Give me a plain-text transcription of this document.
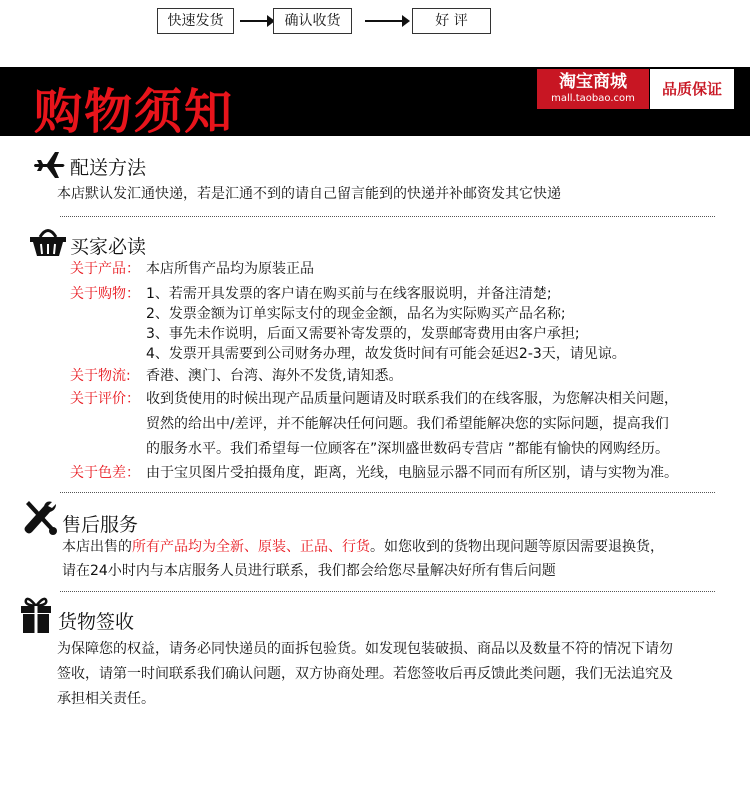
快速发货	确认收货	好 评
购物须知
淘宝商城
mall.taobao.com
品质保证
配送方法
本店默认发汇通快递，若是汇通不到的请自己留言能到的快递并补邮资发其它快递
买家必读
关于产品： 本店所售产品均为原装正品
关于购物： 1、若需开具发票的客户请在购买前与在线客服说明，并备注清楚;
2、发票金额为订单实际支付的现金金额，品名为实际购买产品名称;
3、事先未作说明，后面又需要补寄发票的，发票邮寄费用由客户承担;
4、发票开具需要到公司财务办理，故发货时间有可能会延迟2-3天，请见谅。
关于物流: 香港、澳门、台湾、海外不发货,请知悉。
关于评价： 收到货使用的时候出现产品质量问题请及时联系我们的在线客服，为您解决相关问题，
贸然的给出中/差评，并不能解决任何问题。我们希望能解决您的实际问题，提高我们
的服务水平。我们希望每一位顾客在”深圳盛世数码专营店 ”都能有愉快的网购经历。
关于色差： 由于宝贝图片受拍摄角度，距离，光线，电脑显示器不同而有所区别，请与实物为准。
售后服务
本店出售的所有产品均为全新、原装、正品、行货。如您收到的货物出现问题等原因需要退换货，
请在24小时内与本店服务人员进行联系，我们都会给您尽量解决好所有售后问题
货物签收
为保障您的权益，请务必同快递员的面拆包验货。如发现包装破损、商品以及数量不符的情况下请勿
签收，请第一时间联系我们确认问题，双方协商处理。若您签收后再反馈此类问题，我们无法追究及
承担相关责任。
